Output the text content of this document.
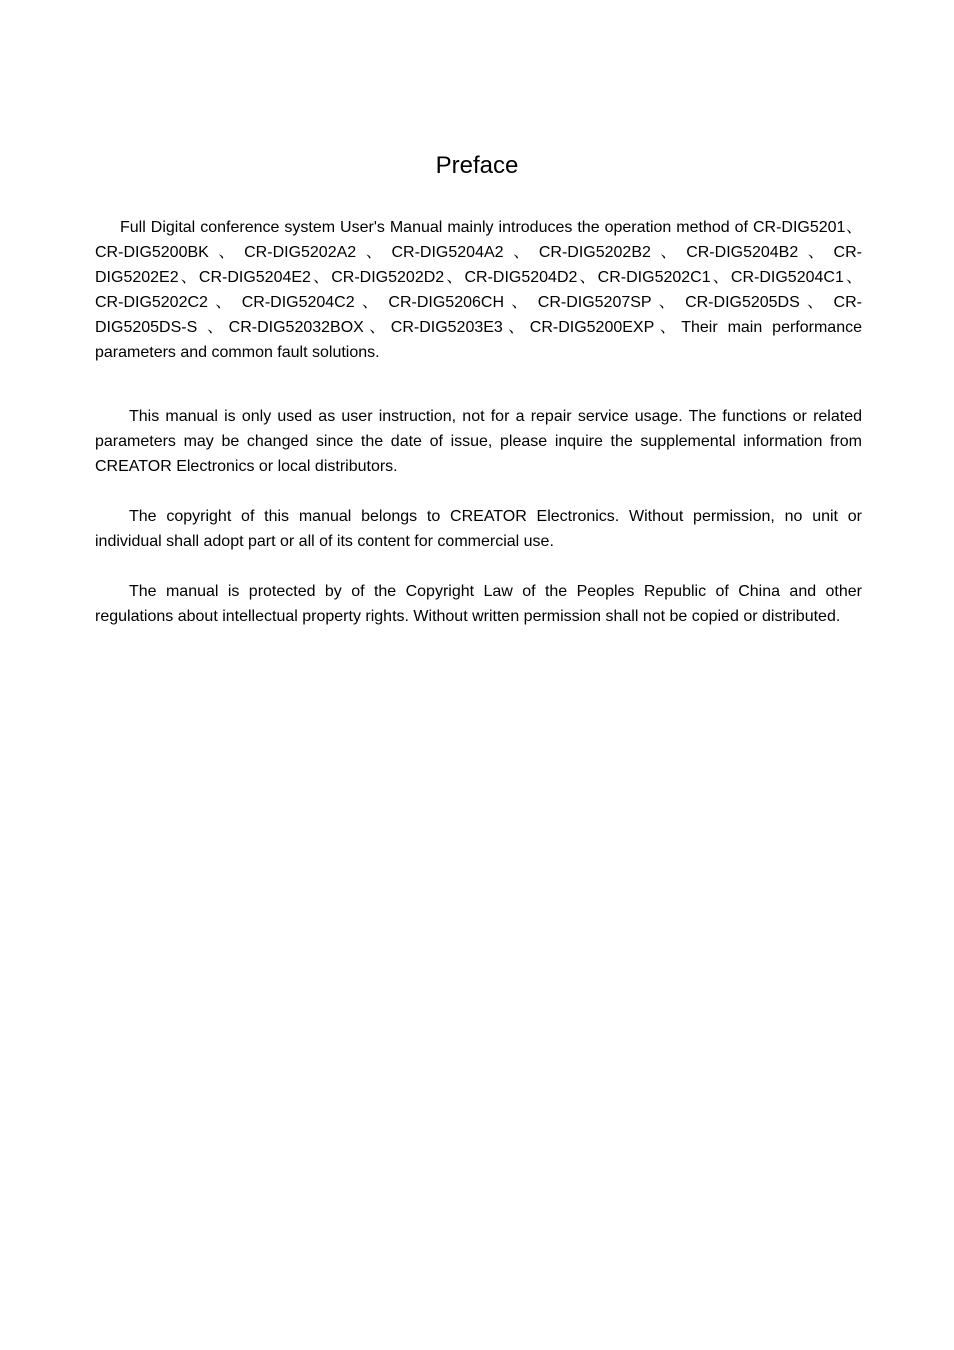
Preface

Full Digital conference system User's Manual mainly introduces the operation method of CR-DIG5201、CR-DIG5200BK、CR-DIG5202A2、CR-DIG5204A2、CR-DIG5202B2、CR-DIG5204B2、CR-DIG5202E2、CR-DIG5204E2、CR-DIG5202D2、CR-DIG5204D2、CR-DIG5202C1、CR-DIG5204C1、CR-DIG5202C2 、 CR-DIG5204C2 、 CR-DIG5206CH 、 CR-DIG5207SP 、 CR-DIG5205DS 、 CR-DIG5205DS-S 、CR-DIG52032BOX、CR-DIG5203E3、CR-DIG5200EXP、Their main performance parameters and common fault solutions.

This manual is only used as user instruction, not for a repair service usage. The functions or related parameters may be changed since the date of issue, please inquire the supplemental information from CREATOR Electronics or local distributors.

The copyright of this manual belongs to CREATOR Electronics. Without permission, no unit or individual shall adopt part or all of its content for commercial use.

The manual is protected by of the Copyright Law of the Peoples Republic of China and other regulations about intellectual property rights. Without written permission shall not be copied or distributed.
